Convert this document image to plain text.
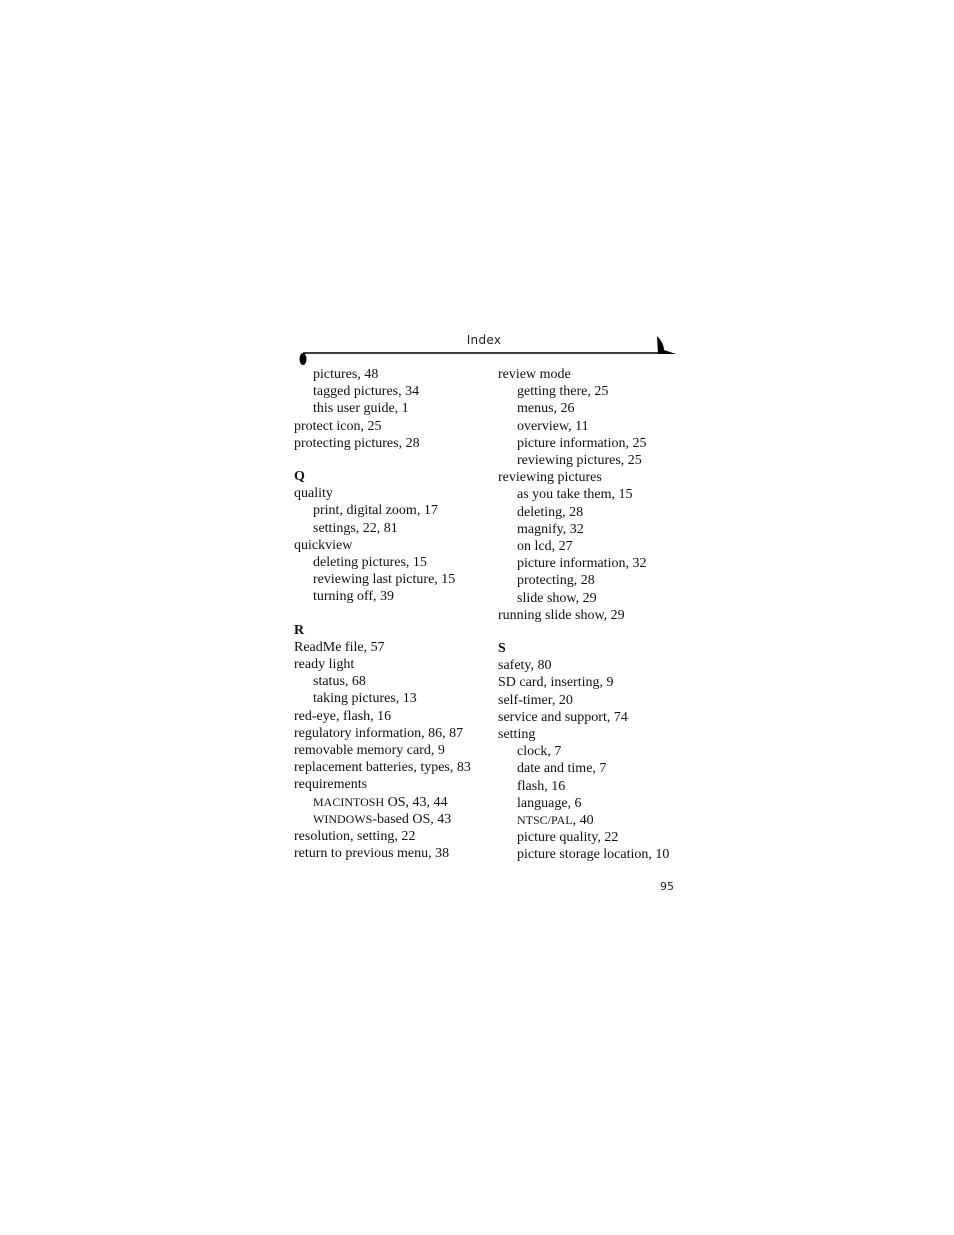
Index
pictures, 48
tagged pictures, 34
this user guide, 1
protect icon, 25
protecting pictures, 28
Q
quality
print, digital zoom, 17
settings, 22, 81
quickview
deleting pictures, 15
reviewing last picture, 15
turning off, 39
R
ReadMe file, 57
ready light
status, 68
taking pictures, 13
red-eye, flash, 16
regulatory information, 86, 87
removable memory card, 9
replacement batteries, types, 83
requirements
MACINTOSH OS, 43, 44
WINDOWS-based OS, 43
resolution, setting, 22
return to previous menu, 38
review mode
getting there, 25
menus, 26
overview, 11
picture information, 25
reviewing pictures, 25
reviewing pictures
as you take them, 15
deleting, 28
magnify, 32
on lcd, 27
picture information, 32
protecting, 28
slide show, 29
running slide show, 29
S
safety, 80
SD card, inserting, 9
self-timer, 20
service and support, 74
setting
clock, 7
date and time, 7
flash, 16
language, 6
NTSC/PAL, 40
picture quality, 22
picture storage location, 10
95
